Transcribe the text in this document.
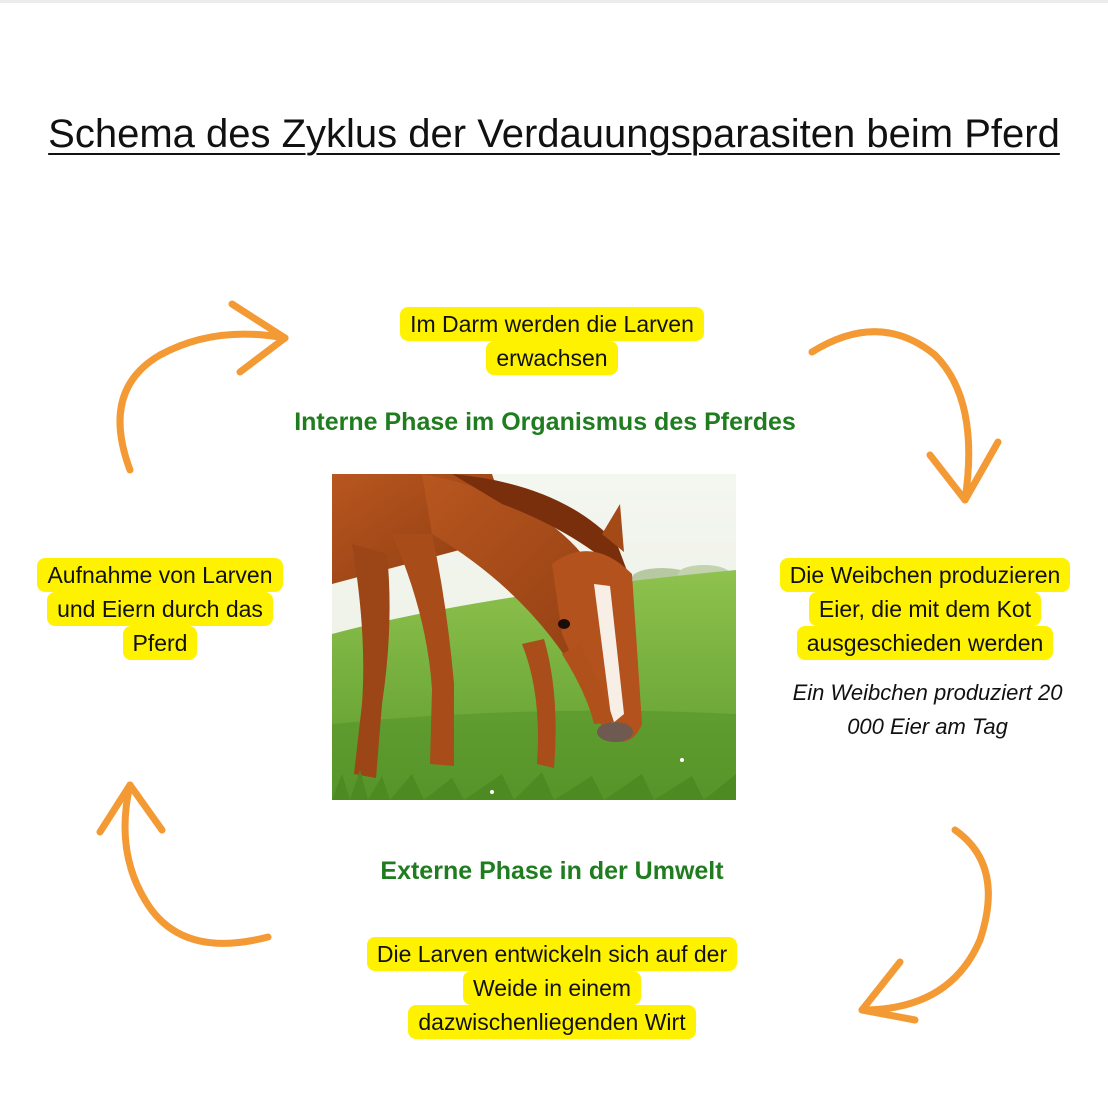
Schema des Zyklus der Verdauungsparasiten beim Pferd
Im Darm werden die Larven
erwachsen
Interne Phase im Organismus des Pferdes
Aufnahme von Larven
und Eiern durch das
Pferd
Die Weibchen produzieren
Eier, die mit dem Kot
ausgeschieden werden
Ein Weibchen produziert 20
000 Eier am Tag
Externe Phase in der Umwelt
Die Larven entwickeln sich auf der
Weide in einem
dazwischenliegenden Wirt
